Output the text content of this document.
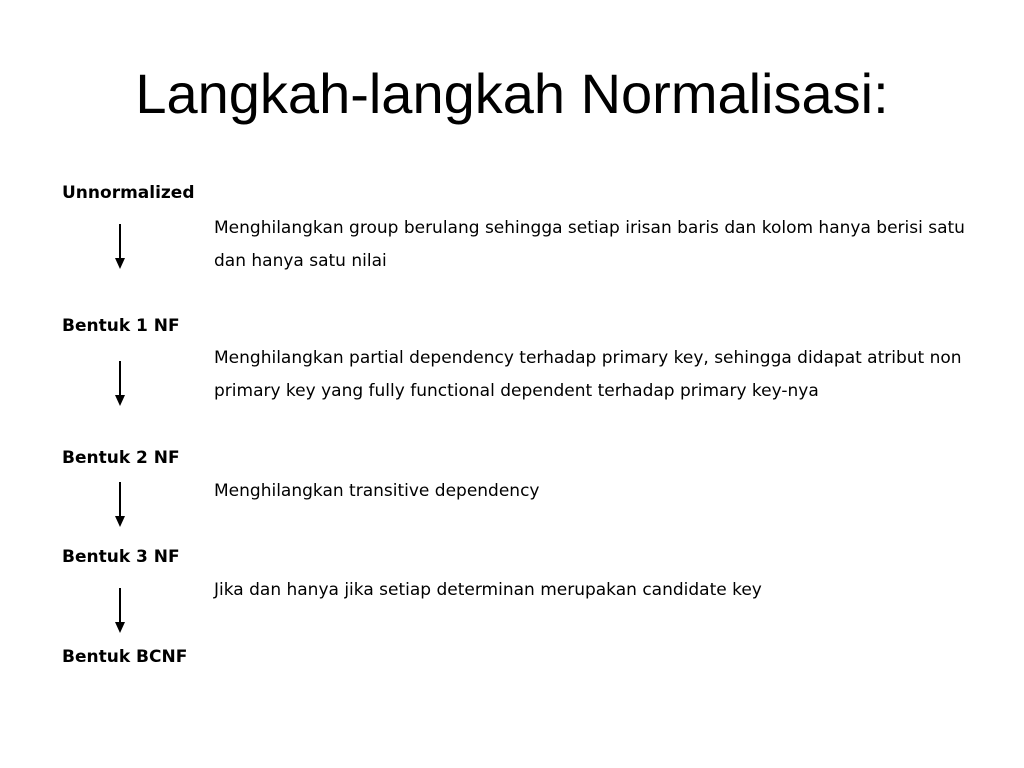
Langkah-langkah Normalisasi:
Unnormalized
Bentuk 1 NF
Bentuk 2 NF
Bentuk 3 NF
Bentuk BCNF
Menghilangkan group berulang sehingga setiap irisan baris dan kolom hanya berisi satu dan hanya satu nilai
Menghilangkan partial dependency terhadap primary key, sehingga didapat atribut non primary key yang fully functional dependent terhadap primary key-nya
Menghilangkan transitive dependency
Jika dan hanya jika setiap determinan merupakan candidate key
